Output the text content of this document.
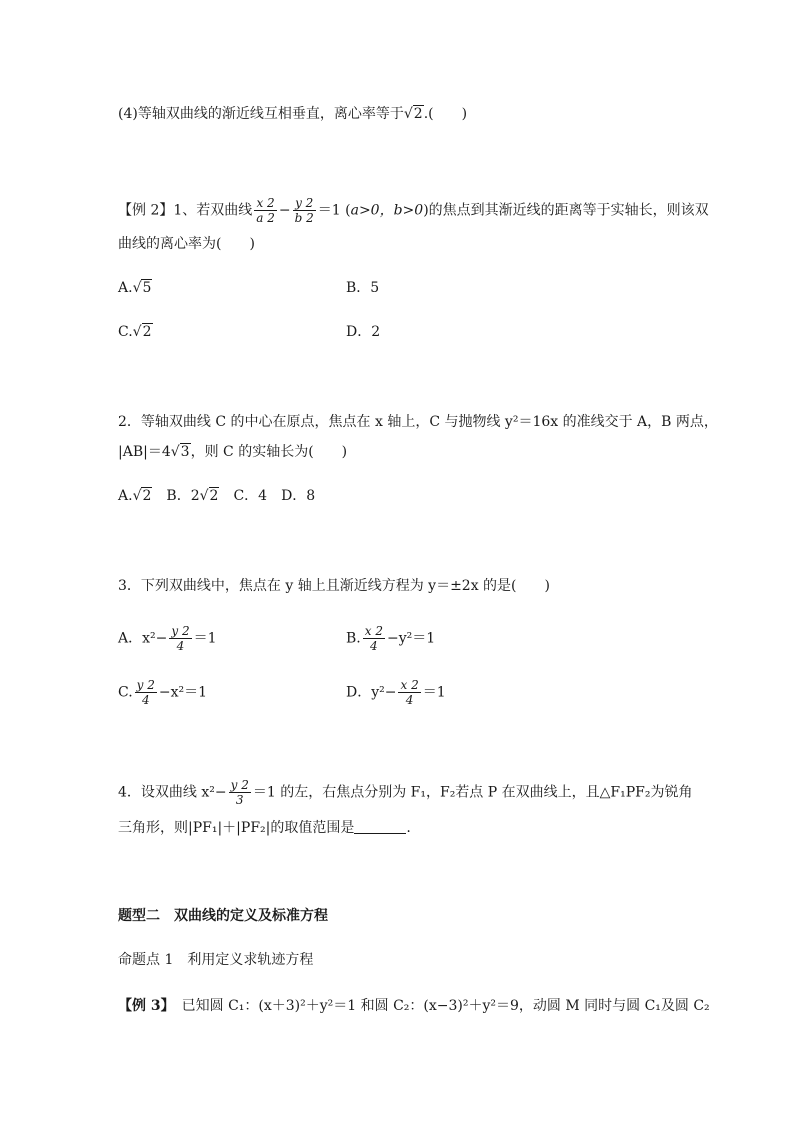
(4)等轴双曲线的渐近线互相垂直，离心率等于√2.(　　)
【例 2】1、若双曲线 $\frac{x 2}{a 2} - \frac{y 2}{b 2} =1$ (a>0，b>0)的焦点到其渐近线的距离等于实轴长，则该双
曲线的离心率为(　　)
A.√5	B．5
C.√2	D．2
2．等轴双曲线 C 的中心在原点，焦点在 x 轴上，C 与抛物线 y²＝16x 的准线交于 A，B 两点，
|AB|＝4√3，则 C 的实轴长为(　　)
A.√2　B．2√2　C．4　D．8
3．下列双曲线中，焦点在 y 轴上且渐近线方程为 y＝±2x 的是(　　)
A．$x^2- \frac{y 2}{4} =1$	B. $\frac{x 2}{4} -y^2=1$
C. $\frac{y 2}{4} -x^2=1$	D．$y^2- \frac{x 2}{4} =1$
4．设双曲线 $x^2- \frac{y 2}{3} =1$ 的左，右焦点分别为 F₁，F₂若点 P 在双曲线上，且△F₁PF₂为锐角
三角形，则|PF₁|＋|PF₂|的取值范围是	.
题型二　双曲线的定义及标准方程
命题点 1　利用定义求轨迹方程
【例 3】　已知圆 C₁：(x＋3)²＋y²＝1 和圆 C₂：(x−3)²＋y²＝9，动圆 M 同时与圆 C₁及圆 C₂
